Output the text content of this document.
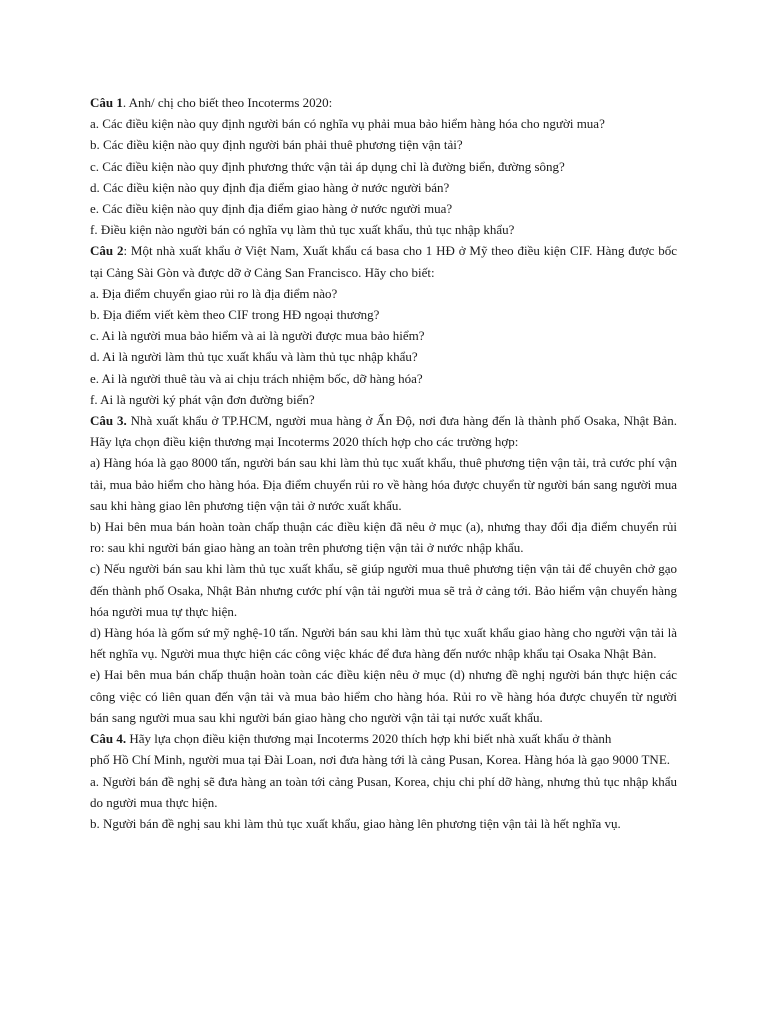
Câu 1. Anh/ chị cho biết theo Incoterms 2020:

a. Các điều kiện nào quy định người bán có nghĩa vụ phải mua bảo hiểm hàng hóa cho người mua?

b. Các điều kiện nào quy định người bán phải thuê phương tiện vận tải?

c. Các điều kiện nào quy định phương thức vận tải áp dụng chỉ là đường biển, đường sông?

d. Các điều kiện nào quy định địa điểm giao hàng ở nước người bán?

e. Các điều kiện nào quy định địa điểm giao hàng ở nước người mua?

f. Điều kiện nào người bán có nghĩa vụ làm thủ tục xuất khẩu, thủ tục nhập khẩu?

Câu 2: Một nhà xuất khẩu ở Việt Nam, Xuất khẩu cá basa cho 1 HĐ ở Mỹ theo điều kiện CIF. Hàng được bốc tại Cảng Sài Gòn và được dỡ ở Cảng San Francisco. Hãy cho biết:

a. Địa điểm chuyển giao rủi ro là địa điểm nào?

b. Địa điểm viết kèm theo CIF trong HĐ ngoại thương?

c. Ai là người mua bảo hiểm và ai là người được mua bảo hiểm?

d. Ai là người làm thủ tục xuất khẩu và làm thủ tục nhập khẩu?

e. Ai là người thuê tàu và ai chịu trách nhiệm bốc, dỡ hàng hóa?

f. Ai là người ký phát vận đơn đường biển?

Câu 3. Nhà xuất khẩu ở TP.HCM, người mua hàng ở Ấn Độ, nơi đưa hàng đến là thành phố Osaka, Nhật Bản. Hãy lựa chọn điều kiện thương mại Incoterms 2020 thích hợp cho các trường hợp:

a) Hàng hóa là gạo 8000 tấn, người bán sau khi làm thủ tục xuất khẩu, thuê phương tiện vận tải, trả cước phí vận tải, mua bảo hiểm cho hàng hóa. Địa điểm chuyển rủi ro về hàng hóa được chuyển từ người bán sang người mua sau khi hàng giao lên phương tiện vận tải ở nước xuất khẩu.

b) Hai bên mua bán hoàn toàn chấp thuận các điều kiện đã nêu ở mục (a), nhưng thay đổi địa điểm chuyển rủi ro: sau khi người bán giao hàng an toàn trên phương tiện vận tải ở nước nhập khẩu.

c) Nếu người bán sau khi làm thủ tục xuất khẩu, sẽ giúp người mua thuê phương tiện vận tải để chuyên chở gạo đến thành phố Osaka, Nhật Bản nhưng cước phí vận tải người mua sẽ trả ở cảng tới. Bảo hiểm vận chuyển hàng hóa người mua tự thực hiện.

d) Hàng hóa là gốm sứ mỹ nghệ-10 tấn. Người bán sau khi làm thủ tục xuất khẩu giao hàng cho người vận tải là hết nghĩa vụ. Người mua thực hiện các công việc khác để đưa hàng đến nước nhập khẩu tại Osaka Nhật Bản.

e) Hai bên mua bán chấp thuận hoàn toàn các điều kiện nêu ở mục (d) nhưng đề nghị người bán thực hiện các công việc có liên quan đến vận tải và mua bảo hiểm cho hàng hóa. Rủi ro về hàng hóa được chuyển từ người bán sang người mua sau khi người bán giao hàng cho người vận tải tại nước xuất khẩu.

Câu 4. Hãy lựa chọn điều kiện thương mại Incoterms 2020 thích hợp khi biết nhà xuất khẩu ở thành

phố Hồ Chí Minh, người mua tại Đài Loan, nơi đưa hàng tới là cảng Pusan, Korea. Hàng hóa là gạo 9000 TNE.

a. Người bán đề nghị sẽ đưa hàng an toàn tới cảng Pusan, Korea, chịu chi phí dỡ hàng, nhưng thủ tục nhập khẩu do người mua thực hiện.

b. Người bán đề nghị sau khi làm thủ tục xuất khẩu, giao hàng lên phương tiện vận tải là hết nghĩa vụ.
